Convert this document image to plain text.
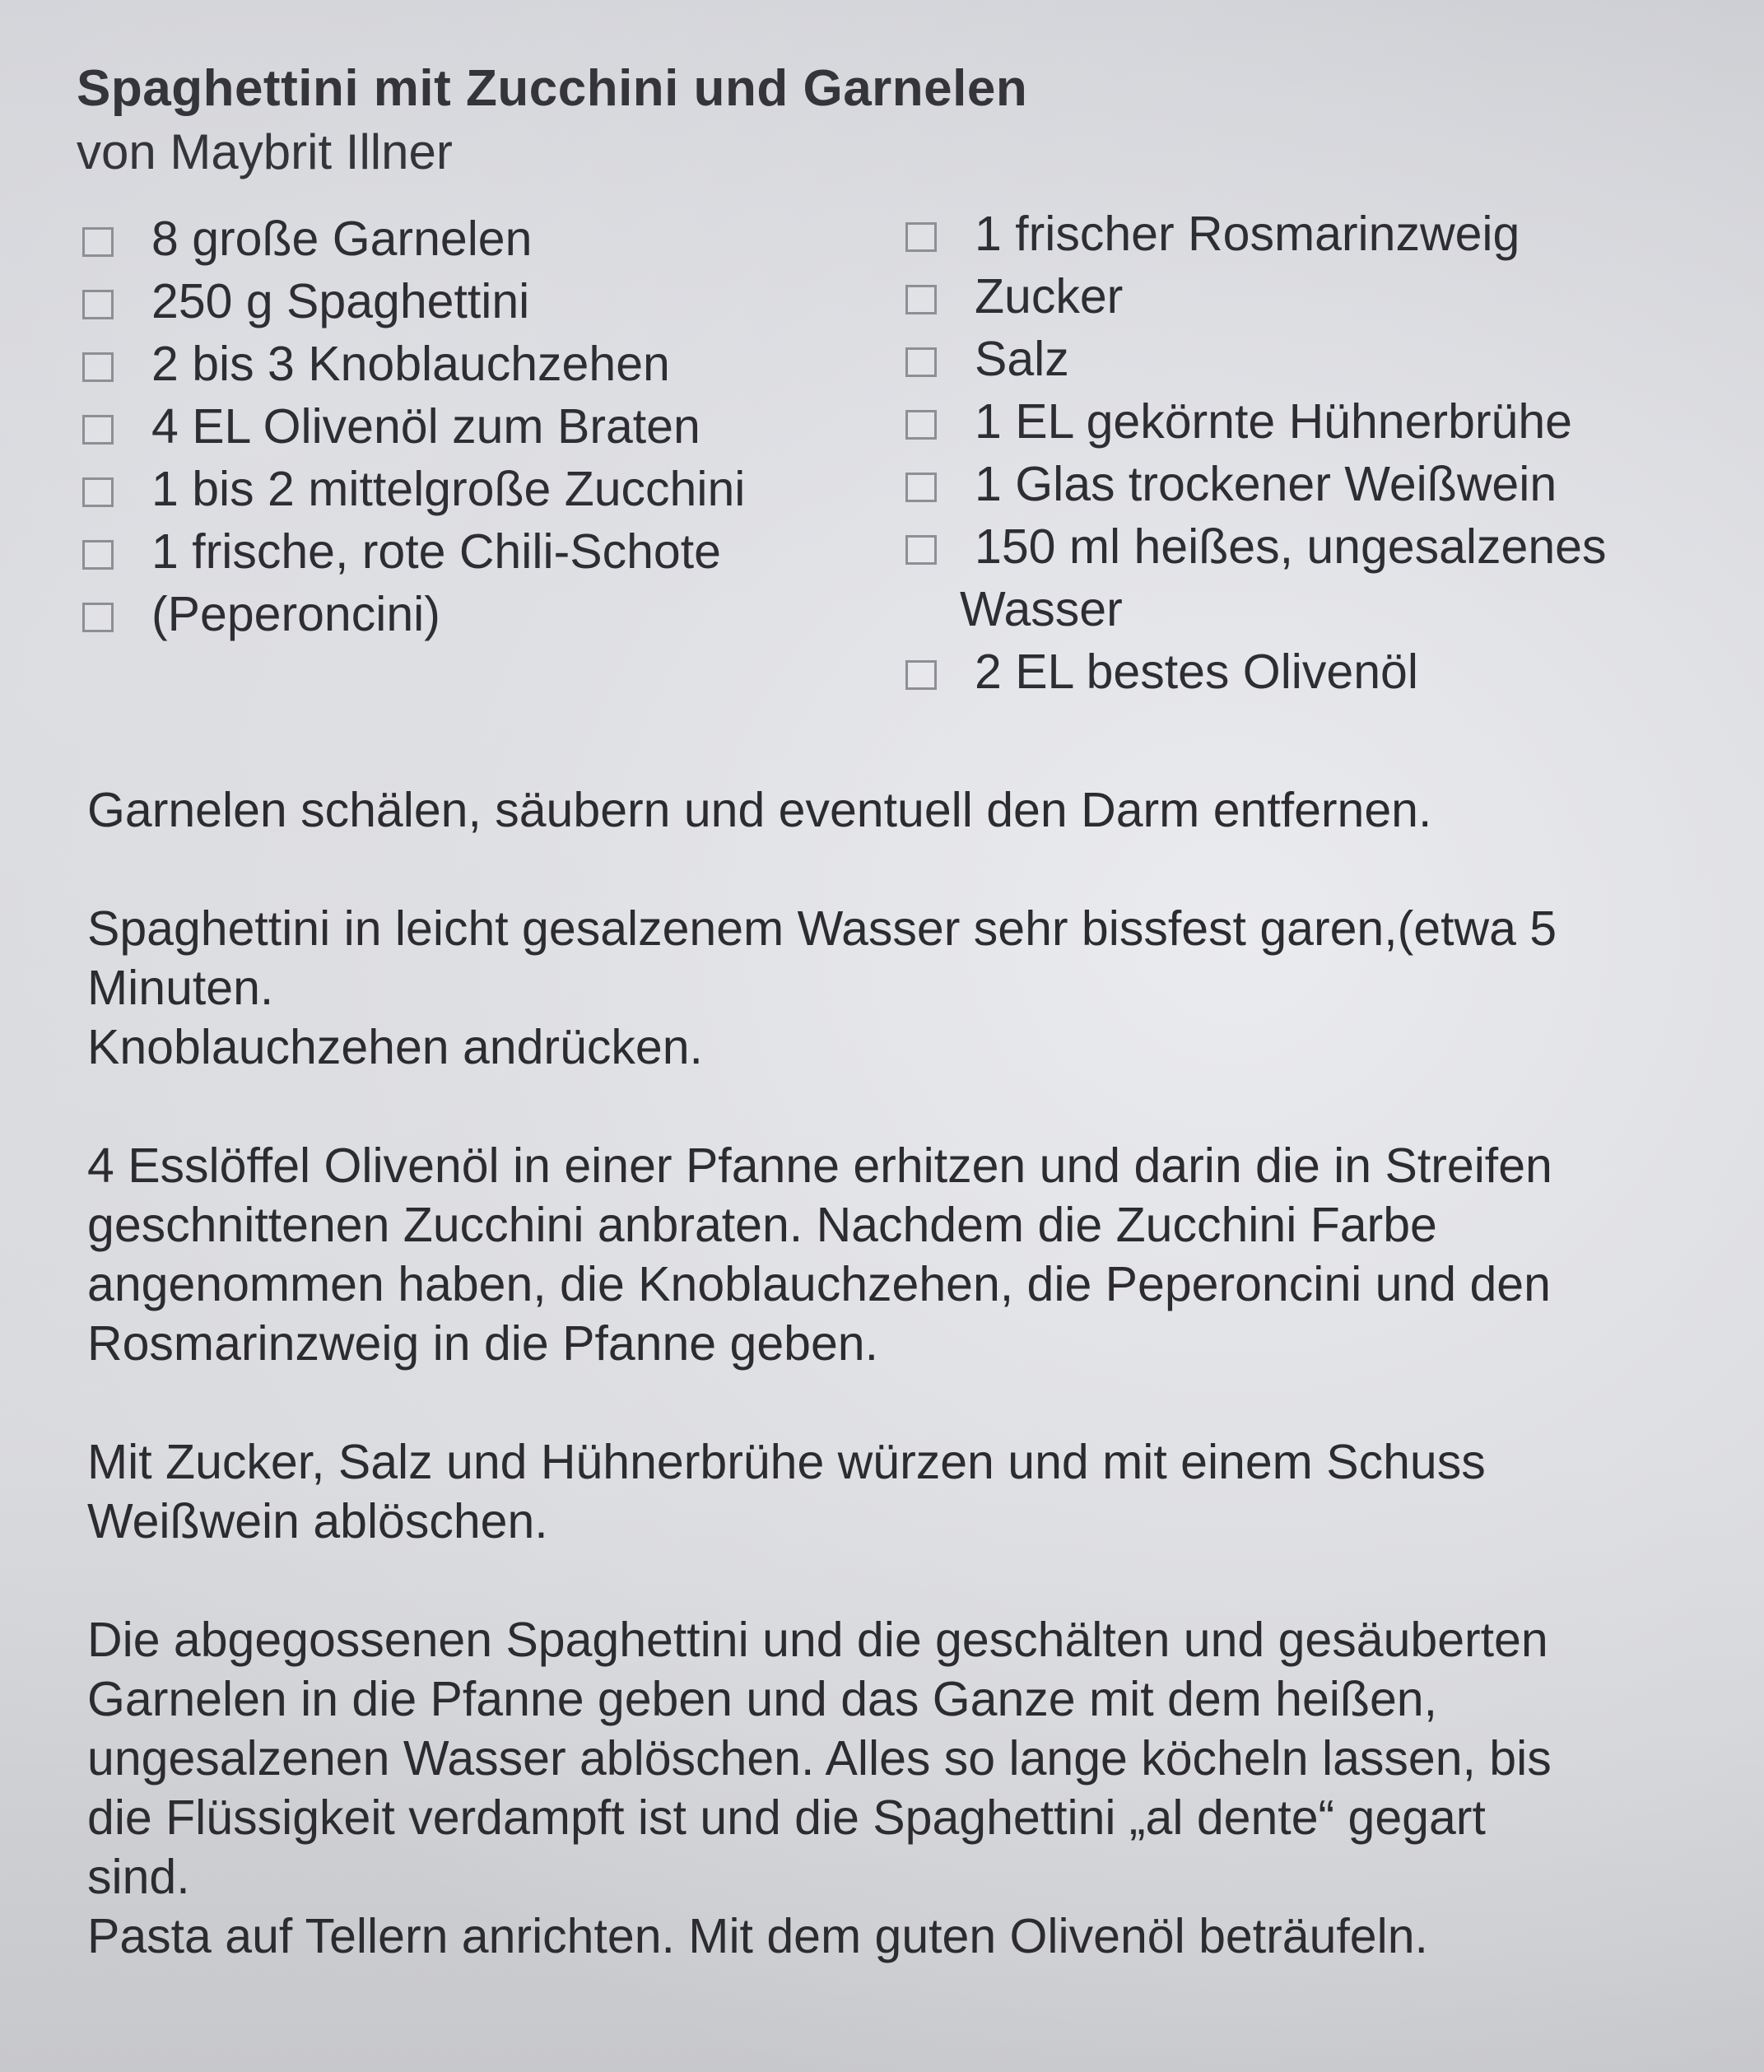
Spaghettini mit Zucchini und Garnelen

von Maybrit Illner

8 große Garnelen
250 g Spaghettini
2 bis 3 Knoblauchzehen
4 EL Olivenöl zum Braten
1 bis 2 mittelgroße Zucchini
1 frische, rote Chili-Schote
(Peperoncini)
1 frischer Rosmarinzweig
Zucker
Salz
1 EL gekörnte Hühnerbrühe
1 Glas trockener Weißwein
150 ml heißes, ungesalzenes
Wasser
2 EL bestes Olivenöl

Garnelen schälen, säubern und eventuell den Darm entfernen.

Spaghettini in leicht gesalzenem Wasser sehr bissfest garen,(etwa 5
Minuten.
Knoblauchzehen andrücken.

4 Esslöffel Olivenöl in einer Pfanne erhitzen und darin die in Streifen
geschnittenen Zucchini anbraten. Nachdem die Zucchini Farbe
angenommen haben, die Knoblauchzehen, die Peperoncini und den
Rosmarinzweig in die Pfanne geben.

Mit Zucker, Salz und Hühnerbrühe würzen und mit einem Schuss
Weißwein ablöschen.

Die abgegossenen Spaghettini und die geschälten und gesäuberten
Garnelen in die Pfanne geben und das Ganze mit dem heißen,
ungesalzenen Wasser ablöschen. Alles so lange köcheln lassen, bis
die Flüssigkeit verdampft ist und die Spaghettini „al dente“ gegart
sind.
Pasta auf Tellern anrichten. Mit dem guten Olivenöl beträufeln.
